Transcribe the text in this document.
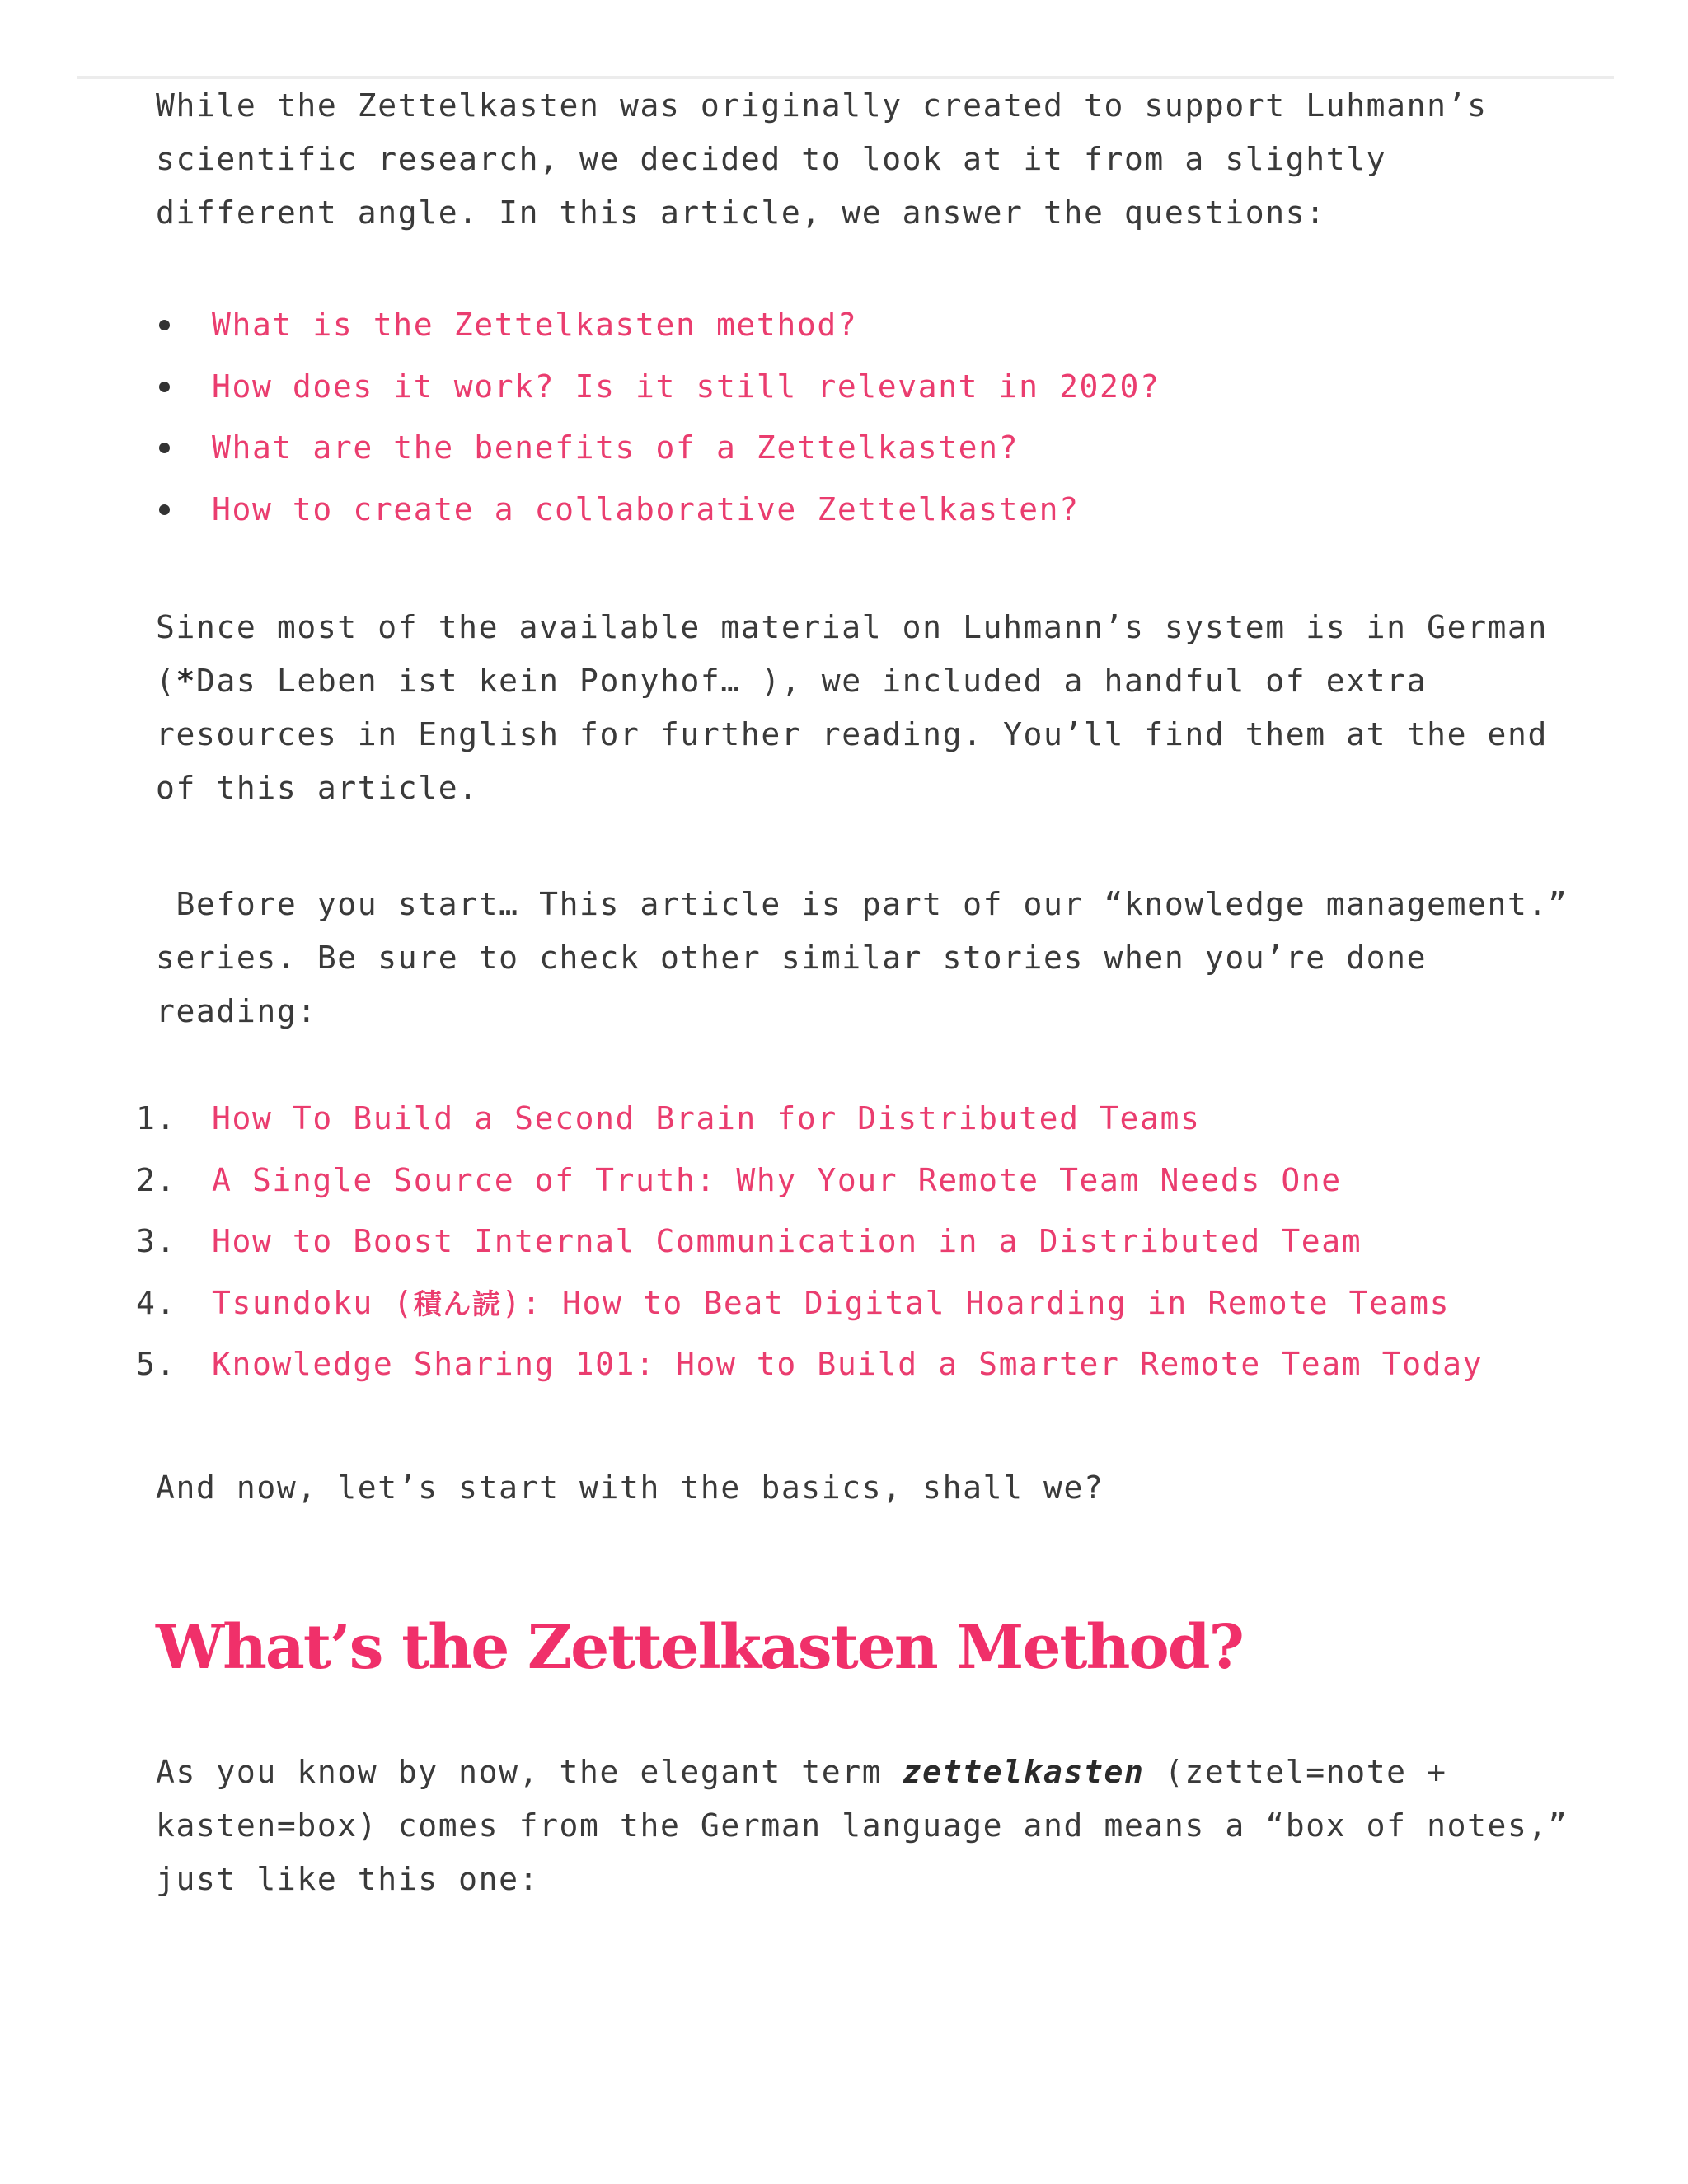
While the Zettelkasten was originally created to support Luhmann’s scientific research, we decided to look at it from a slightly different angle. In this article, we answer the questions:

What is the Zettelkasten method?
How does it work? Is it still relevant in 2020?
What are the benefits of a Zettelkasten?
How to create a collaborative Zettelkasten?

Since most of the available material on Luhmann’s system is in German (*Das Leben ist kein Ponyhof… ), we included a handful of extra resources in English for further reading. You’ll find them at the end of this article.

Before you start… This article is part of our “knowledge management.” series. Be sure to check other similar stories when you’re done reading:

1. How To Build a Second Brain for Distributed Teams
2. A Single Source of Truth: Why Your Remote Team Needs One
3. How to Boost Internal Communication in a Distributed Team
4. Tsundoku (積ん読): How to Beat Digital Hoarding in Remote Teams
5. Knowledge Sharing 101: How to Build a Smarter Remote Team Today

And now, let’s start with the basics, shall we?

What’s the Zettelkasten Method?

As you know by now, the elegant term zettelkasten (zettel=note + kasten=box) comes from the German language and means a “box of notes,” just like this one:
